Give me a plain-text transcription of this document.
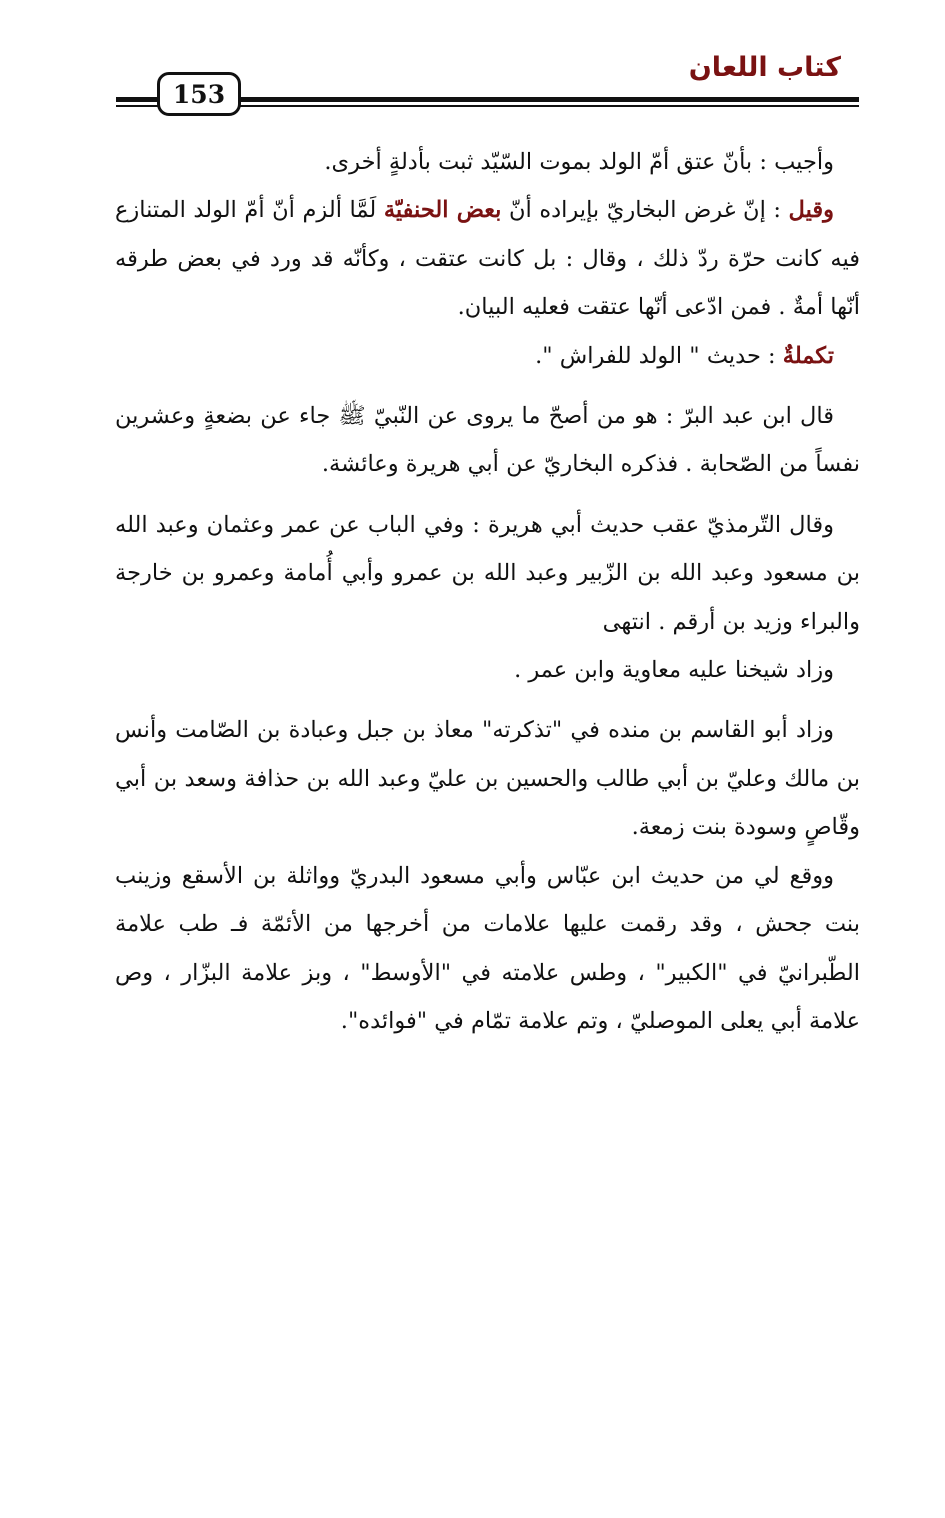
كتاب اللعان
153

وأجيب : بأنّ عتق أمّ الولد بموت السّيّد ثبت بأدلةٍ أخرى.

وقيل : إنّ غرض البخاريّ بإيراده أنّ بعض الحنفيّة لَمَّا ألزم أنّ أمّ الولد المتنازع فيه كانت حرّة ردّ ذلك ، وقال : بل كانت عتقت ، وكأنّه قد ورد في بعض طرقه أنّها أمةٌ . فمن ادّعى أنّها عتقت فعليه البيان.

تكملةٌ : حديث " الولد للفراش ".

قال ابن عبد البرّ : هو من أصحّ ما يروى عن النّبيّ ﷺ جاء عن بضعةٍ وعشرين نفساً من الصّحابة . فذكره البخاريّ عن أبي هريرة وعائشة.

وقال التّرمذيّ عقب حديث أبي هريرة : وفي الباب عن عمر وعثمان وعبد الله بن مسعود وعبد الله بن الزّبير وعبد الله بن عمرو وأبي أُمامة وعمرو بن خارجة والبراء وزيد بن أرقم . انتهى

وزاد شيخنا عليه معاوية وابن عمر .

وزاد أبو القاسم بن منده في "تذكرته" معاذ بن جبل وعبادة بن الصّامت وأنس بن مالك وعليّ بن أبي طالب والحسين بن عليّ وعبد الله بن حذافة وسعد بن أبي وقّاصٍ وسودة بنت زمعة.

ووقع لي من حديث ابن عبّاس وأبي مسعود البدريّ وواثلة بن الأسقع وزينب بنت جحش ، وقد رقمت عليها علامات من أخرجها من الأئمّة فـ طب علامة الطّبرانيّ في "الكبير" ، وطس علامته في "الأوسط" ، وبز علامة البزّار ، وص علامة أبي يعلى الموصليّ ، وتم علامة تمّام في "فوائده".
